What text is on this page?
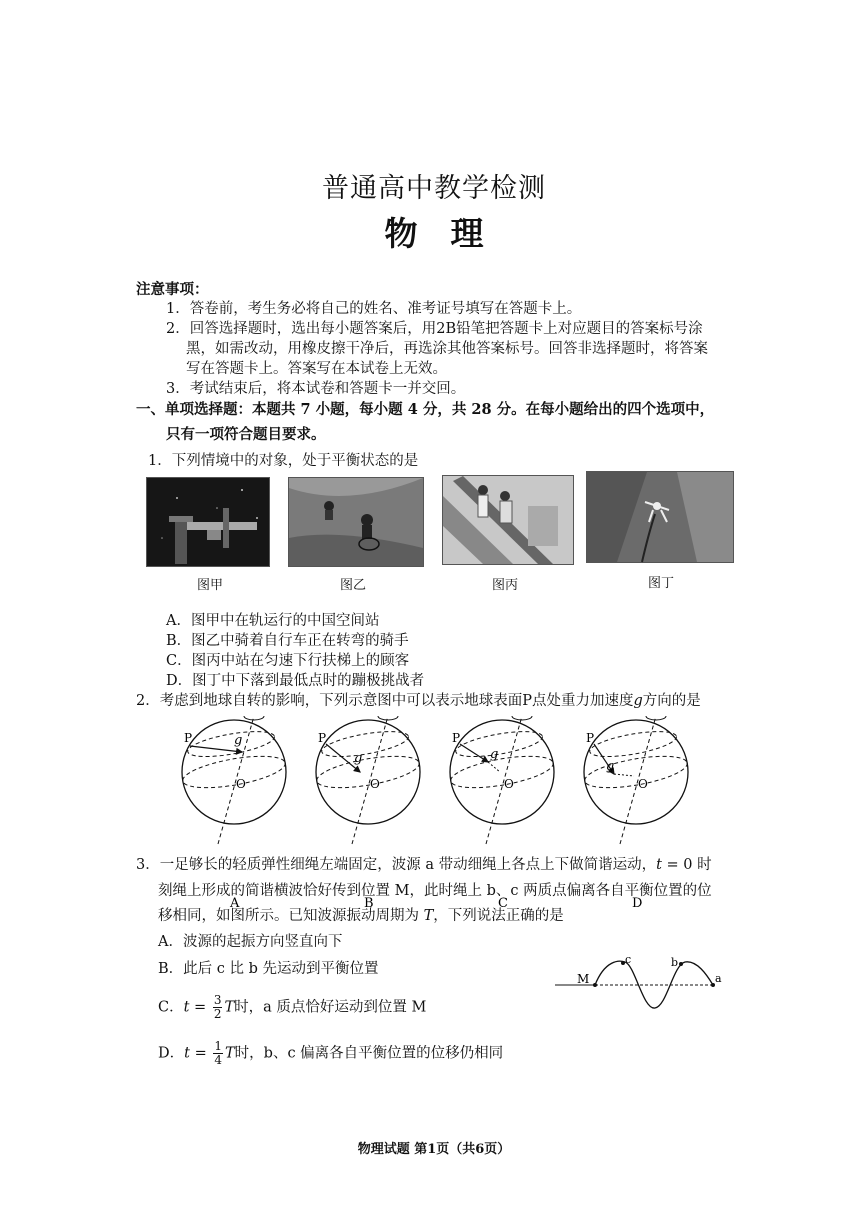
普通高中教学检测
物　理
注意事项：
1．答卷前，考生务必将自己的姓名、准考证号填写在答题卡上。
2．回答选择题时，选出每小题答案后，用2B铅笔把答题卡上对应题目的答案标号涂
黑，如需改动，用橡皮擦干净后，再选涂其他答案标号。回答非选择题时，将答案
写在答题卡上。答案写在本试卷上无效。
3．考试结束后，将本试卷和答题卡一并交回。
一、单项选择题：本题共 7 小题，每小题 4 分，共 28 分。在每小题给出的四个选项中，
只有一项符合题目要求。
1．下列情境中的对象，处于平衡状态的是
图甲	图乙	图丙	图丁
A．图甲中在轨运行的中国空间站
B．图乙中骑着自行车正在转弯的骑手
C．图丙中站在匀速下行扶梯上的顾客
D．图丁中下落到最低点时的蹦极挑战者
2．考虑到地球自转的影响，下列示意图中可以表示地球表面P点处重力加速度g方向的是
P	g
O
A
P
g
O
B
P
g
O
C
P
g
O
D
3．一足够长的轻质弹性细绳左端固定，波源 a 带动细绳上各点上下做简谐运动，t = 0 时
刻绳上形成的简谐横波恰好传到位置 M，此时绳上 b、c 两质点偏离各自平衡位置的位
移相同，如图所示。已知波源振动周期为 T，下列说法正确的是
A．波源的起振方向竖直向下
B．此后 c 比 b 先运动到平衡位置
C．$t = \frac{3}{2}$ T时，a 质点恰好运动到位置 M
D．$t = \frac{1}{4}$ T时，b、c 偏离各自平衡位置的位移仍相同
M
c	b
a
物理试题 第1页（共6页）
